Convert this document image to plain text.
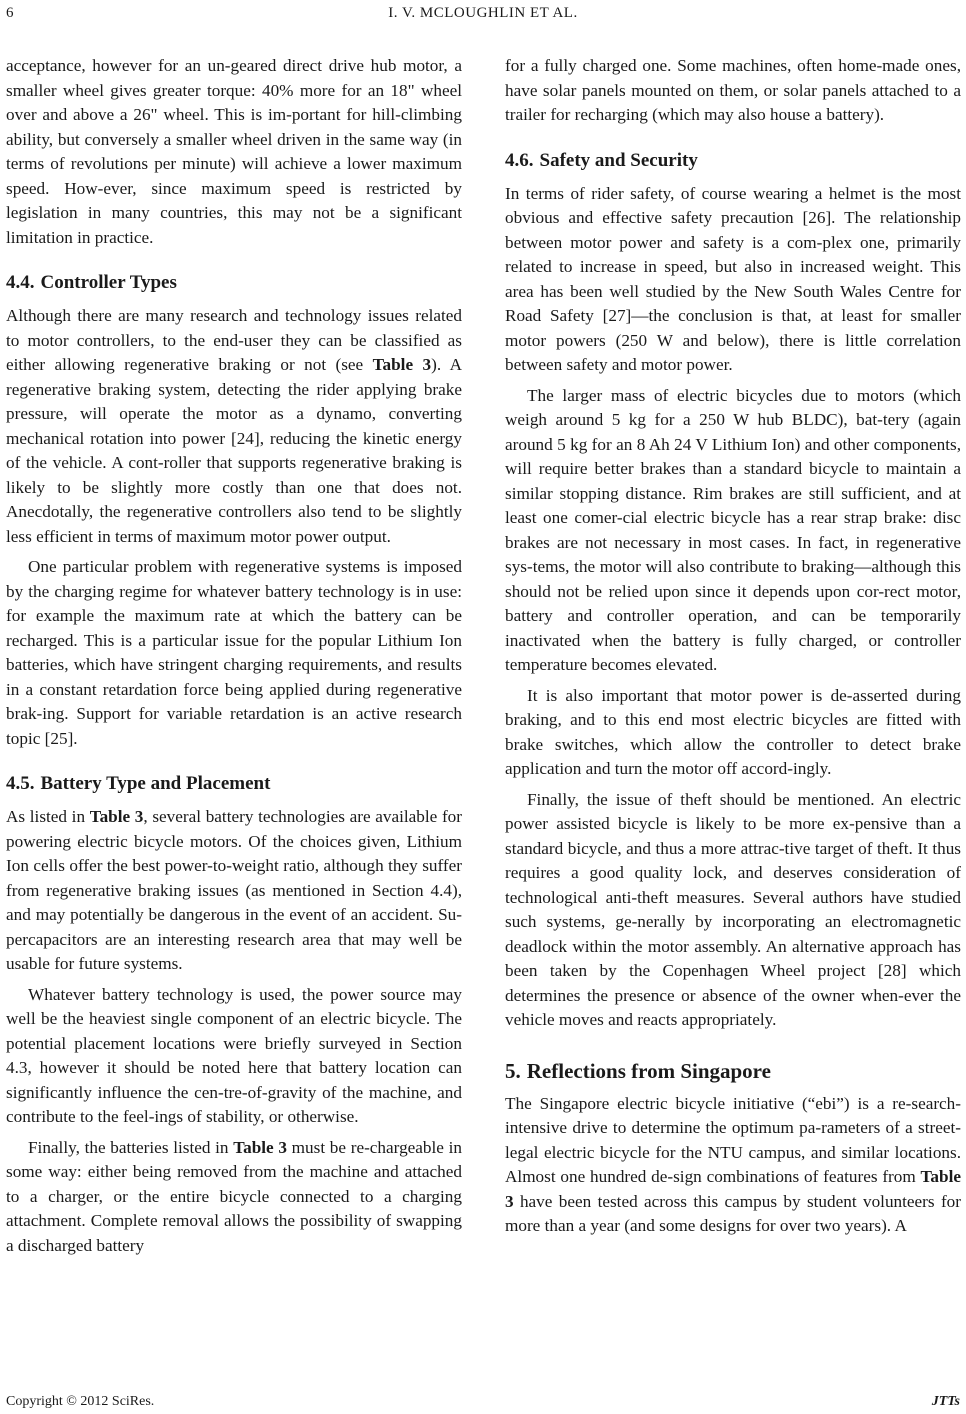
6	I. V. MCLOUGHLIN ET AL.

acceptance, however for an un-geared direct drive hub motor, a smaller wheel gives greater torque: 40% more for an 18" wheel over and above a 26" wheel. This is im-portant for hill-climbing ability, but conversely a smaller wheel driven in the same way (in terms of revolutions per minute) will achieve a lower maximum speed. How-ever, since maximum speed is restricted by legislation in many countries, this may not be a significant limitation in practice.

4.4. Controller Types

Although there are many research and technology issues related to motor controllers, to the end-user they can be classified as either allowing regenerative braking or not (see Table 3). A regenerative braking system, detecting the rider applying brake pressure, will operate the motor as a dynamo, converting mechanical rotation into power [24], reducing the kinetic energy of the vehicle. A cont-roller that supports regenerative braking is likely to be slightly more costly than one that does not. Anecdotally, the regenerative controllers also tend to be slightly less efficient in terms of maximum motor power output.

One particular problem with regenerative systems is imposed by the charging regime for whatever battery technology is in use: for example the maximum rate at which the battery can be recharged. This is a particular issue for the popular Lithium Ion batteries, which have stringent charging requirements, and results in a constant retardation force being applied during regenerative brak-ing. Support for variable retardation is an active research topic [25].

4.5. Battery Type and Placement

As listed in Table 3, several battery technologies are available for powering electric bicycle motors. Of the choices given, Lithium Ion cells offer the best power-to-weight ratio, although they suffer from regenerative braking issues (as mentioned in Section 4.4), and may potentially be dangerous in the event of an accident. Su-percapacitors are an interesting research area that may well be usable for future systems.

Whatever battery technology is used, the power source may well be the heaviest single component of an electric bicycle. The potential placement locations were briefly surveyed in Section 4.3, however it should be noted here that battery location can significantly influence the cen-tre-of-gravity of the machine, and contribute to the feel-ings of stability, or otherwise.

Finally, the batteries listed in Table 3 must be re-chargeable in some way: either being removed from the machine and attached to a charger, or the entire bicycle connected to a charging attachment. Complete removal allows the possibility of swapping a discharged battery

for a fully charged one. Some machines, often home-made ones, have solar panels mounted on them, or solar panels attached to a trailer for recharging (which may also house a battery).

4.6. Safety and Security

In terms of rider safety, of course wearing a helmet is the most obvious and effective safety precaution [26]. The relationship between motor power and safety is a com-plex one, primarily related to increase in speed, but also in increased weight. This area has been well studied by the New South Wales Centre for Road Safety [27]—the conclusion is that, at least for smaller motor powers (250 W and below), there is little correlation between safety and motor power.

The larger mass of electric bicycles due to motors (which weigh around 5 kg for a 250 W hub BLDC), bat-tery (again around 5 kg for an 8 Ah 24 V Lithium Ion) and other components, will require better brakes than a standard bicycle to maintain a similar stopping distance. Rim brakes are still sufficient, and at least one comer-cial electric bicycle has a rear strap brake: disc brakes are not necessary in most cases. In fact, in regenerative sys-tems, the motor will also contribute to braking—although this should not be relied upon since it depends upon cor-rect motor, battery and controller operation, and can be temporarily inactivated when the battery is fully charged, or controller temperature becomes elevated.

It is also important that motor power is de-asserted during braking, and to this end most electric bicycles are fitted with brake switches, which allow the controller to detect brake application and turn the motor off accord-ingly.

Finally, the issue of theft should be mentioned. An electric power assisted bicycle is likely to be more ex-pensive than a standard bicycle, and thus a more attrac-tive target of theft. It thus requires a good quality lock, and deserves consideration of technological anti-theft measures. Several authors have studied such systems, ge-nerally by incorporating an electromagnetic deadlock within the motor assembly. An alternative approach has been taken by the Copenhagen Wheel project [28] which determines the presence or absence of the owner when-ever the vehicle moves and reacts appropriately.

5. Reflections from Singapore

The Singapore electric bicycle initiative (“ebi”) is a re-search-intensive drive to determine the optimum pa-rameters of a street-legal electric bicycle for the NTU campus, and similar locations. Almost one hundred de-sign combinations of features from Table 3 have been tested across this campus by student volunteers for more than a year (and some designs for over two years). A

Copyright © 2012 SciRes.	JTTs
